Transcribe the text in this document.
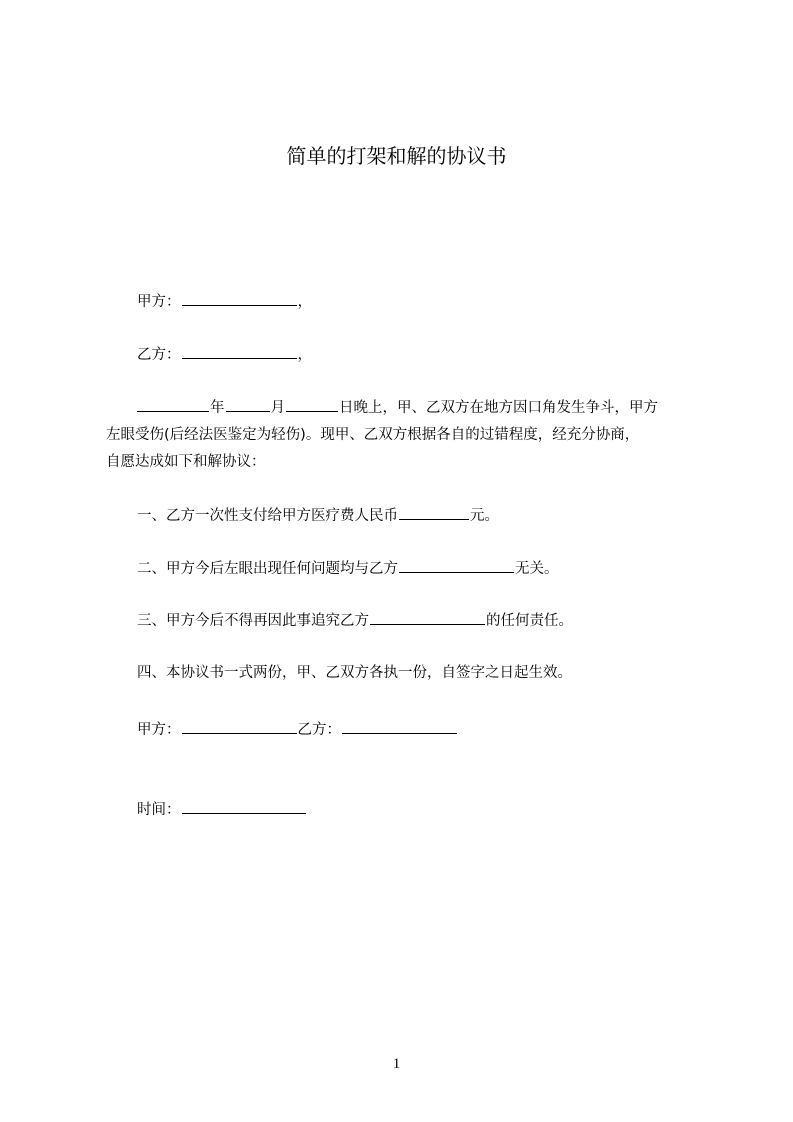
简单的打架和解的协议书
甲方：	，
乙方：	，
年	月	日晚上，甲、乙双方在地方因口角发生争斗，甲方
左眼受伤(后经法医鉴定为轻伤)。现甲、乙双方根据各自的过错程度，经充分协商，
自愿达成如下和解协议：
一、乙方一次性支付给甲方医疗费人民币	元。
二、甲方今后左眼出现任何问题均与乙方	无关。
三、甲方今后不得再因此事追究乙方	的任何责任。
四、本协议书一式两份，甲、乙双方各执一份，自签字之日起生效。
甲方：	乙方：
时间：
1
